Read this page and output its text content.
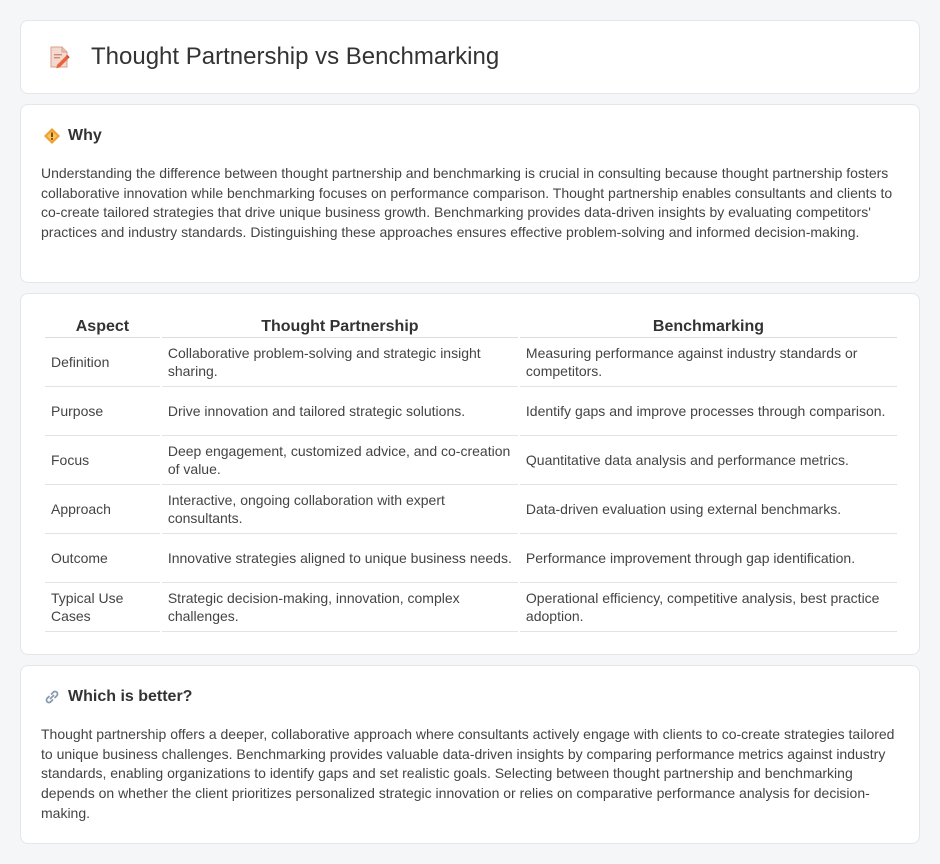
Thought Partnership vs Benchmarking
Why

Understanding the difference between thought partnership and benchmarking is crucial in consulting because thought partnership fosters collaborative innovation while benchmarking focuses on performance comparison. Thought partnership enables consultants and clients to co-create tailored strategies that drive unique business growth. Benchmarking provides data-driven insights by evaluating competitors' practices and industry standards. Distinguishing these approaches ensures effective problem-solving and informed decision-making.

Aspect	Thought Partnership	Benchmarking
Definition	Collaborative problem-solving and strategic insight sharing.	Measuring performance against industry standards or competitors.
Purpose	Drive innovation and tailored strategic solutions.	Identify gaps and improve processes through comparison.
Focus	Deep engagement, customized advice, and co-creation of value.	Quantitative data analysis and performance metrics.
Approach	Interactive, ongoing collaboration with expert consultants.	Data-driven evaluation using external benchmarks.
Outcome	Innovative strategies aligned to unique business needs.	Performance improvement through gap identification.
Typical Use Cases	Strategic decision-making, innovation, complex challenges.	Operational efficiency, competitive analysis, best practice adoption.
Which is better?

Thought partnership offers a deeper, collaborative approach where consultants actively engage with clients to co-create strategies tailored to unique business challenges. Benchmarking provides valuable data-driven insights by comparing performance metrics against industry standards, enabling organizations to identify gaps and set realistic goals. Selecting between thought partnership and benchmarking depends on whether the client prioritizes personalized strategic innovation or relies on comparative performance analysis for decision-making.
